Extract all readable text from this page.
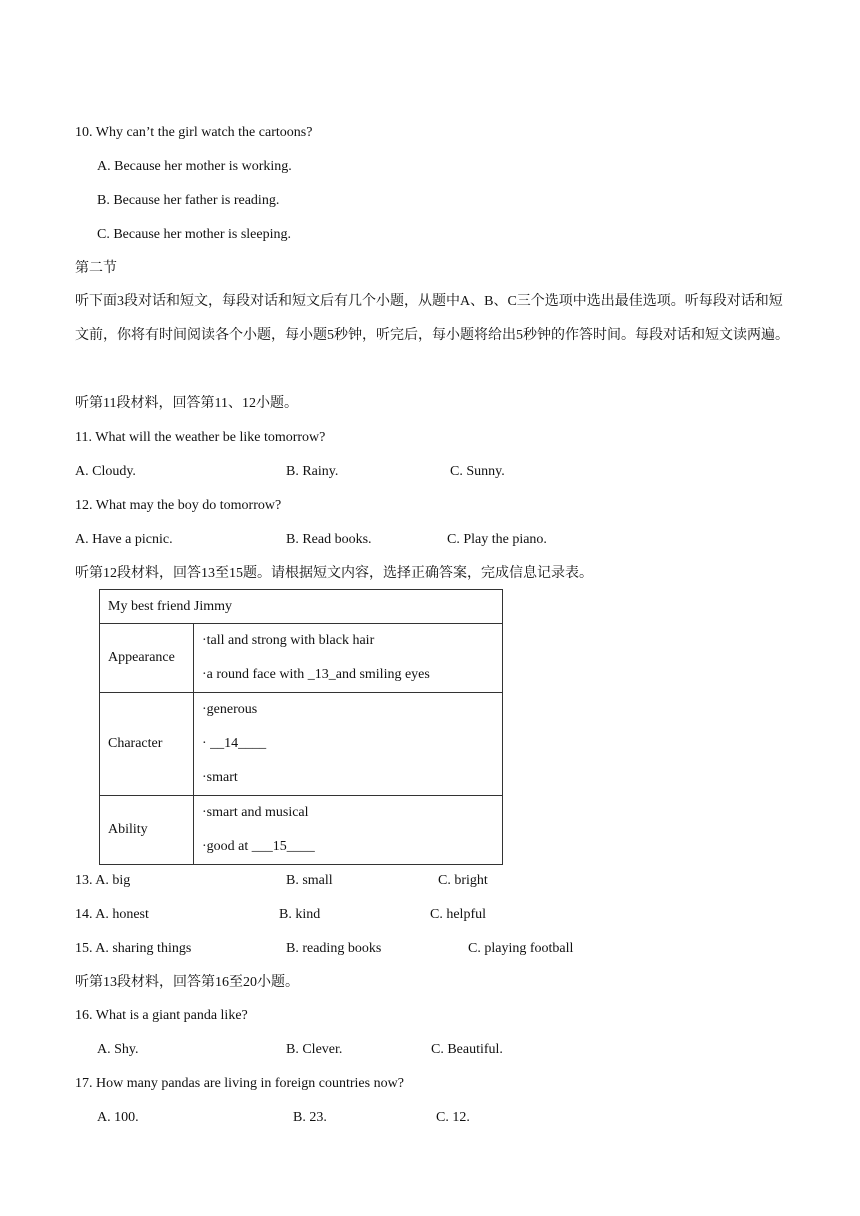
10. Why can’t the girl watch the cartoons?
A. Because her mother is working.
B. Because her father is reading.
C. Because her mother is sleeping.
第二节
听下面3段对话和短文，每段对话和短文后有几个小题，从题中A、B、C三个选项中选出最佳选项。听每段对话和短文前，你将有时间阅读各个小题，每小题5秒钟，听完后，每小题将给出5秒钟的作答时间。每段对话和短文读两遍。
听第11段材料，回答第11、12小题。
11. What will the weather be like tomorrow?
A. Cloudy.	B. Rainy.	C. Sunny.
12. What may the boy do tomorrow?
A. Have a picnic.	B. Read books.	C. Play the piano.
听第12段材料，回答13至15题。请根据短文内容，选择正确答案，完成信息记录表。
My best friend Jimmy	
Appearance	·tall and strong with black hair
·a round face with _13_and smiling eyes

Character	·generous
· __14____
·smart

Ability	·smart and musical
·good at ___15____
13. A. big	B. small	C. bright
14. A. honest	B. kind	C. helpful
15. A. sharing things	B. reading books	C. playing football
听第13段材料，回答第16至20小题。
16. What is a giant panda like?
A. Shy.	B. Clever.	C. Beautiful.
17. How many pandas are living in foreign countries now?
A. 100.	B. 23.	C. 12.
